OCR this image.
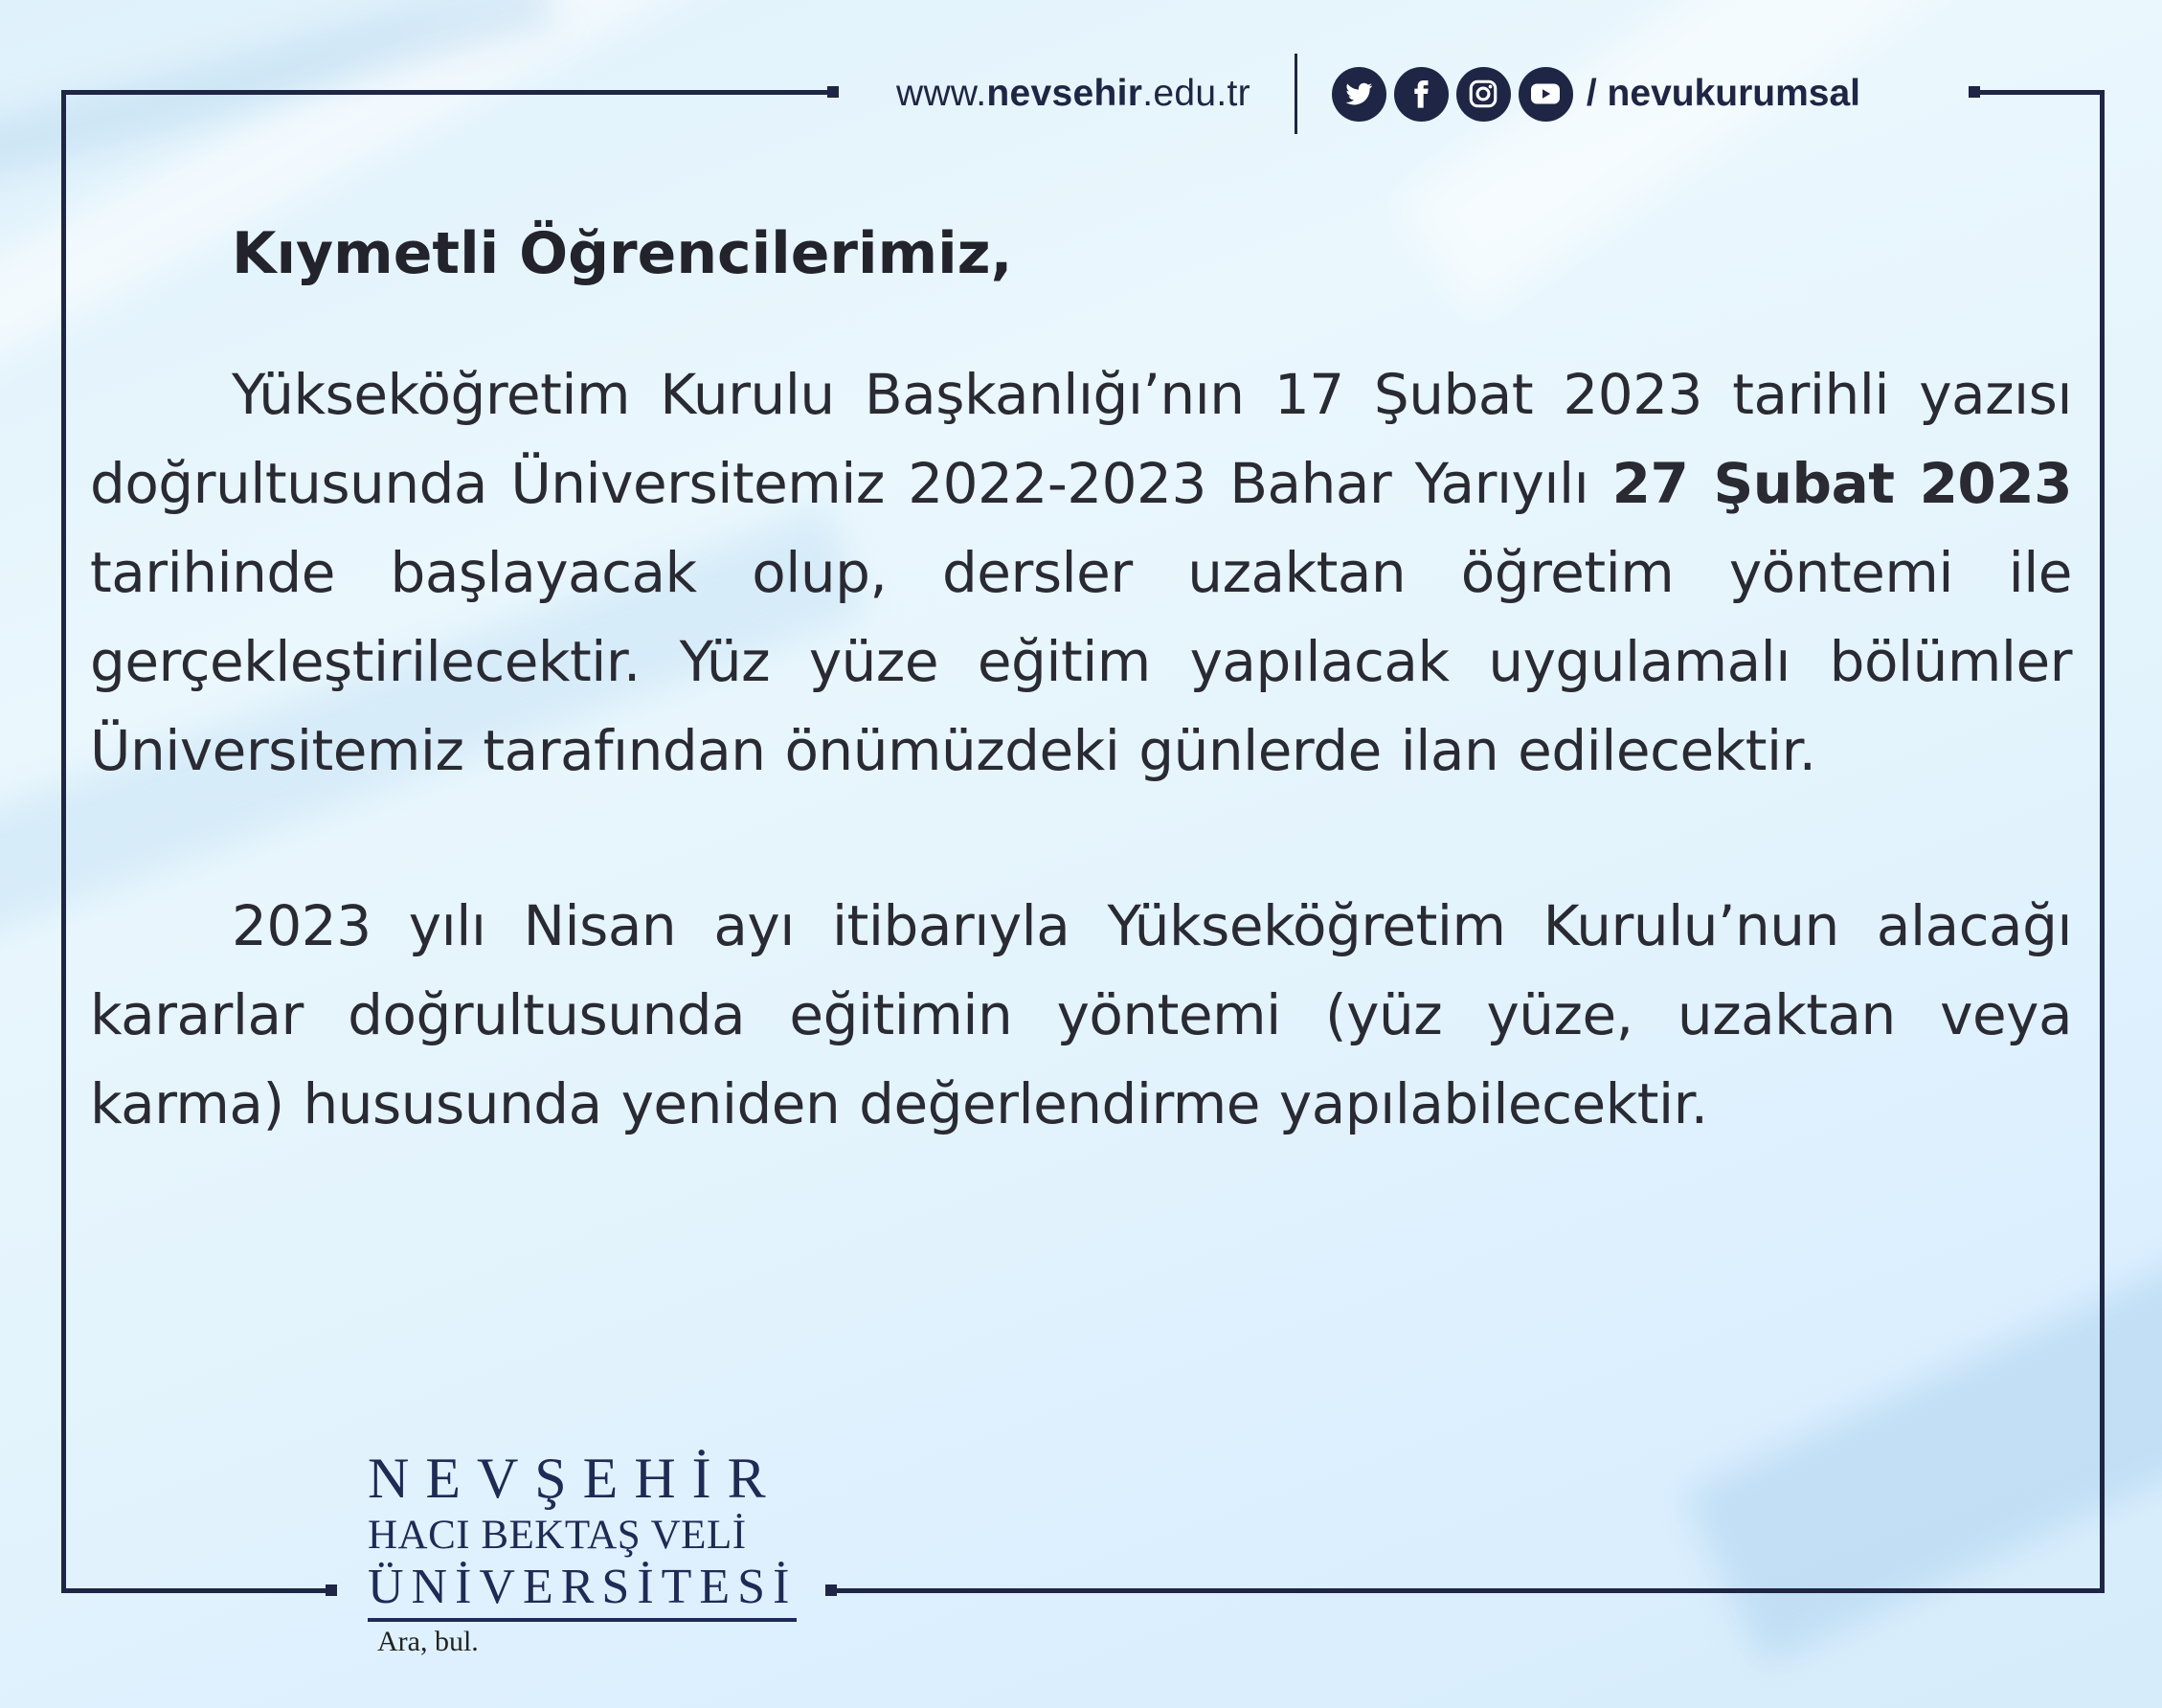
www.nevsehir.edu.tr	/ nevukurumsal
Kıymetli Öğrencilerimiz,

Yükseköğretim Kurulu Başkanlığı’nın 17 Şubat 2023 tarihli yazısı doğrultusunda Üniversitemiz 2022-2023 Bahar Yarıyılı 27 Şubat 2023 tarihinde başlayacak olup, dersler uzaktan öğretim yöntemi ile gerçekleştirilecektir. Yüz yüze eğitim yapılacak uygulamalı bölümler Üniversitemiz tarafından önümüzdeki günlerde ilan edilecektir.

2023 yılı Nisan ayı itibarıyla Yükseköğretim Kurulu’nun alacağı kararlar doğrultusunda eğitimin yöntemi (yüz yüze, uzaktan veya karma) hususunda yeniden değerlendirme yapılabilecektir.

NEVŞEHİR
HACI BEKTAŞ VELİ
ÜNİVERSİTESİ
Ara, bul.
